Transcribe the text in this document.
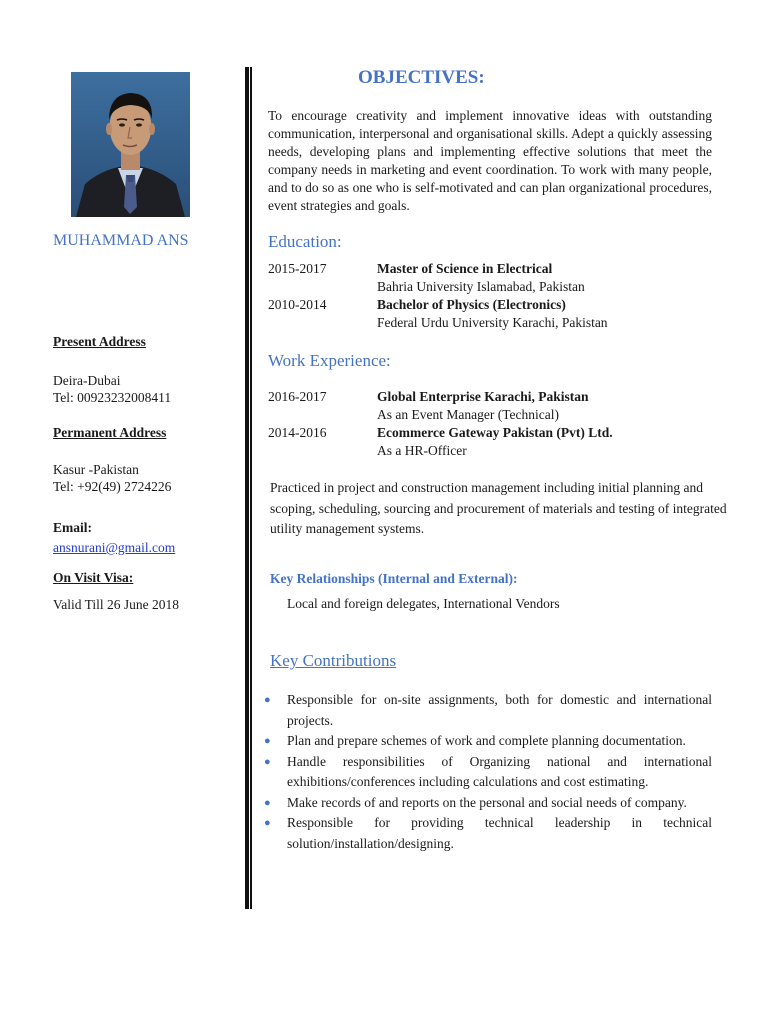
MUHAMMAD ANS
Present Address
Deira-Dubai
Tel: 00923232008411
Permanent Address
Kasur -Pakistan
Tel: +92(49) 2724226
Email:
ansnurani@gmail.com
On Visit Visa:
Valid Till 26 June 2018
OBJECTIVES:
To encourage creativity and implement innovative ideas with outstanding communication, interpersonal and organisational skills. Adept a quickly assessing needs, developing plans and implementing effective solutions that meet the company needs in marketing and event coordination. To work with many people, and to do so as one who is self-motivated and can plan organizational procedures, event strategies and goals.
Education:
2015-2017	Master of Science in Electrical
Bahria University Islamabad, Pakistan
2010-2014	Bachelor of Physics (Electronics)
Federal Urdu University Karachi, Pakistan
Work Experience:
2016-2017	Global Enterprise Karachi, Pakistan
As an Event Manager (Technical)
2014-2016	Ecommerce Gateway Pakistan (Pvt) Ltd.
As a HR-Officer
Practiced in project and construction management including initial planning and scoping, scheduling, sourcing and procurement of materials and testing of integrated utility management systems.
Key Relationships (Internal and External):
Local and foreign delegates, International Vendors
Key Contributions
● Responsible for on-site assignments, both for domestic and international projects.
● Plan and prepare schemes of work and complete planning documentation.
● Handle responsibilities of Organizing national and international exhibitions/conferences including calculations and cost estimating.
● Make records of and reports on the personal and social needs of company.
● Responsible for providing technical leadership in technical solution/installation/designing.
